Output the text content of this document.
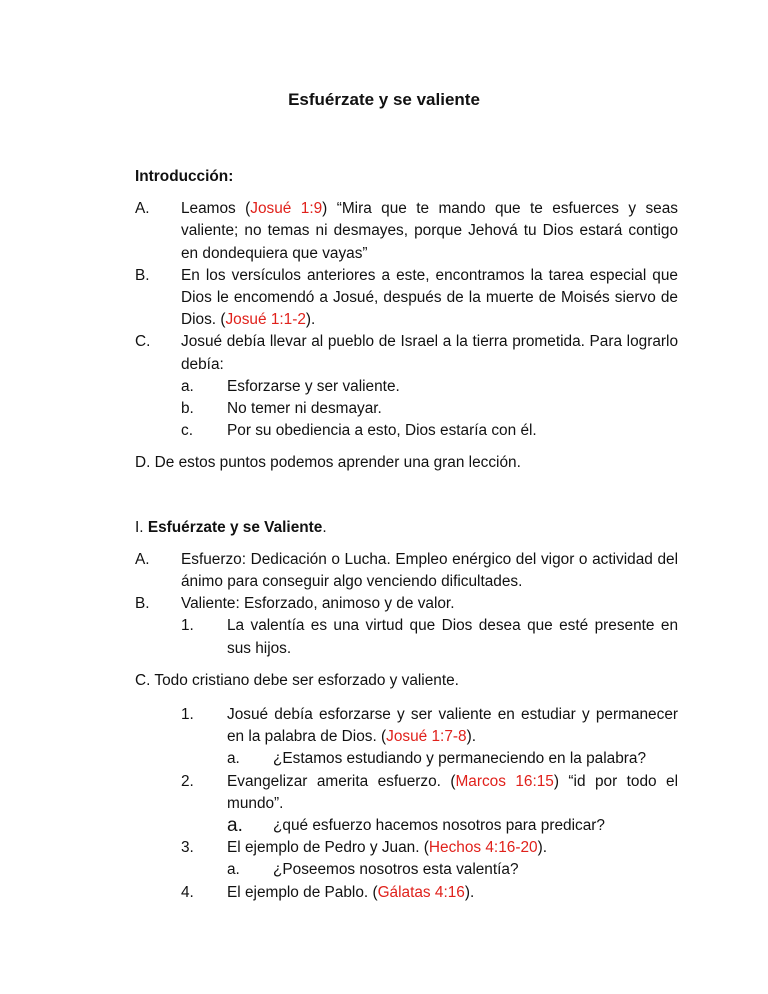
Esfuérzate y se valiente
Introducción:
A.	Leamos (Josué 1:9) “Mira que te mando que te esfuerces y seas valiente; no temas ni desmayes, porque Jehová tu Dios estará contigo en dondequiera que vayas”
B.	En los versículos anteriores a este, encontramos la tarea especial que Dios le encomendó a Josué, después de la muerte de Moisés siervo de Dios. (Josué 1:1-2).
C.	Josué debía llevar al pueblo de Israel a la tierra prometida. Para lograrlo debía:
a.	Esforzarse y ser valiente.
b.	No temer ni desmayar.
c.	Por su obediencia a esto, Dios estaría con él.
D. De estos puntos podemos aprender una gran lección.
I. Esfuérzate y se Valiente.
A.	Esfuerzo: Dedicación o Lucha. Empleo enérgico del vigor o actividad del ánimo para conseguir algo venciendo dificultades.
B.	Valiente: Esforzado, animoso y de valor.
1.	La valentía es una virtud que Dios desea que esté presente en sus hijos.
C. Todo cristiano debe ser esforzado y valiente.
1.	Josué debía esforzarse y ser valiente en estudiar y permanecer en la palabra de Dios. (Josué 1:7-8).
a.	¿Estamos estudiando y permaneciendo en la palabra?
2.	Evangelizar amerita esfuerzo. (Marcos 16:15) “id por todo el mundo”.
a.	¿qué esfuerzo hacemos nosotros para predicar?
3.	El ejemplo de Pedro y Juan. (Hechos 4:16-20).
a.	¿Poseemos nosotros esta valentía?
4.	El ejemplo de Pablo. (Gálatas 4:16).
